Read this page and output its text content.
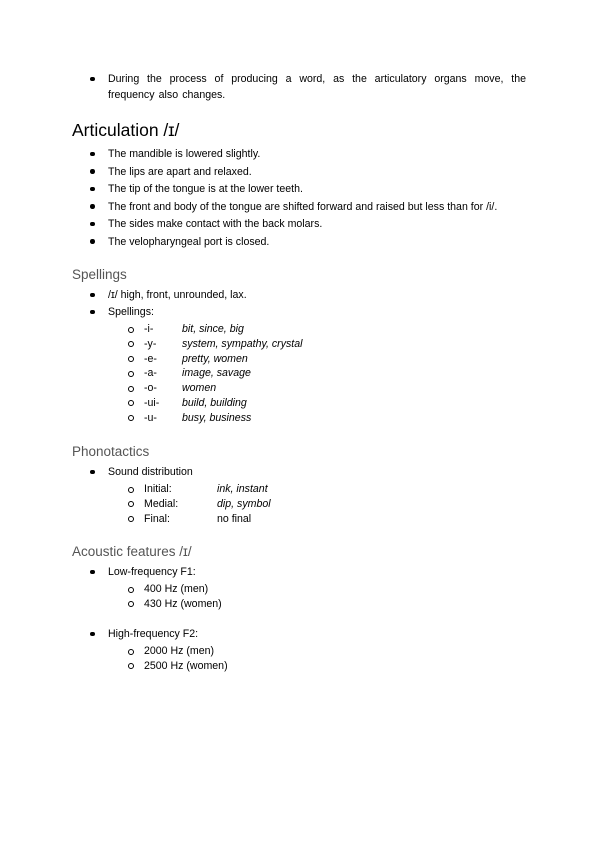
During the process of producing a word, as the articulatory organs move, the frequency also changes.
Articulation /ɪ/
The mandible is lowered slightly.
The lips are apart and relaxed.
The tip of the tongue is at the lower teeth.
The front and body of the tongue are shifted forward and raised but less than for /i/.
The sides make contact with the back molars.
The velopharyngeal port is closed.
Spellings
/ɪ/ high, front, unrounded, lax.
Spellings:
-i-	bit, since, big
-y- system, sympathy, crystal
-e- pretty, women
-a- image, savage
-o- women
-ui- build, building
-u- busy, business
Phonotactics
Sound distribution
Initial:	ink, instant
Medial:	dip, symbol
Final:	no final
Acoustic features /ɪ/
Low-frequency F1:
400 Hz (men)
430 Hz (women)
High-frequency F2:
2000 Hz (men)
2500 Hz (women)
